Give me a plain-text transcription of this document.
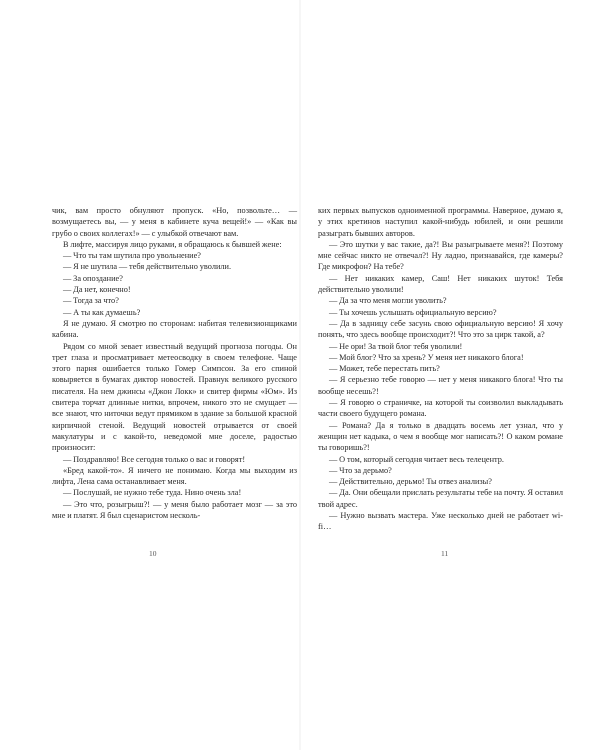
чик, вам просто обнуляют пропуск. «Но, позвольте… — возмущаетесь вы, — у меня в кабинете куча вещей!» — «Как вы грубо о своих коллегах!» — с улыбкой отвечают вам.

В лифте, массируя лицо руками, я обращаюсь к бывшей жене:

— Что ты там шутила про увольнение?

— Я не шутила — тебя действительно уволили.

— За опоздание?

— Да нет, конечно!

— Тогда за что?

— А ты как думаешь?

Я не думаю. Я смотрю по сторонам: набитая телевизионщиками кабина.

Рядом со мной зевает известный ведущий прогноза погоды. Он трет глаза и просматривает метеосводку в своем телефоне. Чаще этого парня ошибается только Гомер Симпсон. За его спиной ковыряется в бумагах диктор новостей. Правнук великого русского писателя. На нем джинсы «Джон Локк» и свитер фирмы «Юм». Из свитера торчат длинные нитки, впрочем, никого это не смущает — все знают, что ниточки ведут прямиком в здание за большой красной кирпичной стеной. Ведущий новостей отрывается от своей макулатуры и с какой-то, неведомой мне доселе, радостью произносит:

— Поздравляю! Все сегодня только о вас и говорят!

«Бред какой-то». Я ничего не понимаю. Когда мы выходим из лифта, Лена сама останавливает меня.

— Послушай, не нужно тебе туда. Нино очень зла!

— Это что, розыгрыш?! — у меня было работает мозг — за это мне и платят. Я был сценаристом несколь-

10

ких первых выпусков одноименной программы. Наверное, думаю я, у этих кретинов наступил какой-нибудь юбилей, и они решили разыграть бывших авторов.

— Это шутки у вас такие, да?! Вы разыгрываете меня?! Поэтому мне сейчас никто не отвечал?! Ну ладно, признавайся, где камеры? Где микрофон? На тебе?

— Нет никаких камер, Саш! Нет никаких шуток! Тебя действительно уволили!

— Да за что меня могли уволить?

— Ты хочешь услышать официальную версию?

— Да в задницу себе засунь свою официальную версию! Я хочу понять, что здесь вообще происходит?! Что это за цирк такой, а?

— Не ори! За твой блог тебя уволили!

— Мой блог? Что за хрень? У меня нет никакого блога!

— Может, тебе перестать пить?

— Я серьезно тебе говорю — нет у меня никакого блога! Что ты вообще несешь?!

— Я говорю о страничке, на которой ты соизволил выкладывать части своего будущего романа.

— Романа? Да я только в двадцать восемь лет узнал, что у женщин нет кадыка, о чем я вообще мог написать?! О каком романе ты говоришь?!

— О том, который сегодня читает весь телецентр.

— Что за дерьмо?

— Действительно, дерьмо! Ты отвез анализы?

— Да. Они обещали прислать результаты тебе на почту. Я оставил твой адрес.

— Нужно вызвать мастера. Уже несколько дней не работает wi-fi…

11
